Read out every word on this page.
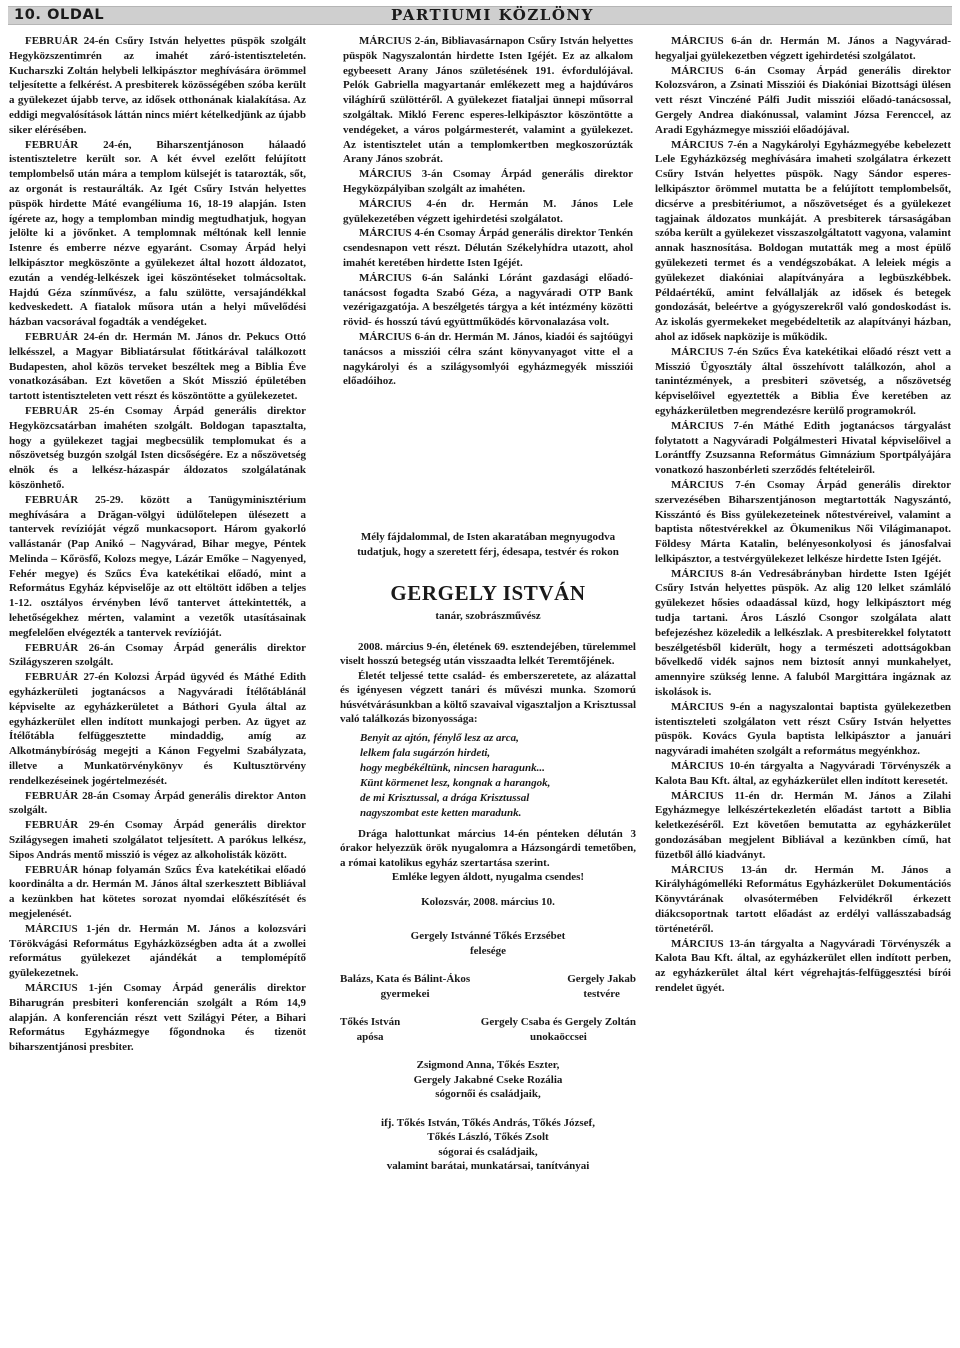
10. OLDAL	PARTIUMI KÖZLÖNY

FEBRUÁR 24-én Csűry István helyettes püspök szolgált Hegyközszentimrén az imahét záró-istentiszteletén. Kucharszki Zoltán helybeli lelkipásztor meghívására örömmel teljesítette a felkérést. A presbiterek közösségében szóba került a gyülekezet újabb terve, az idősek otthonának kialakítása. Az eddigi megvalósítások láttán nincs miért kételkedjünk az újabb siker elérésében.

FEBRUÁR 24-én, Biharszentjánoson hálaadó istentiszteletre került sor. A két évvel ezelőtt felújított templombelső után mára a templom külsejét is tatarozták, sőt, az orgonát is restaurálták. Az Igét Csűry István helyettes püspök hirdette Máté evangéliuma 16, 18-19 alapján. Isten ígérete az, hogy a templomban mindig megtudhatjuk, hogyan jelölte ki a jövőnket. A templomnak méltónak kell lennie Istenre és emberre nézve egyaránt. Csomay Árpád helyi lelkipásztor megköszönte a gyülekezet által hozott áldozatot, ezután a vendég-lelkészek igei köszöntéseket tolmácsoltak. Hajdú Géza színművész, a falu szülötte, versajándékkal kedveskedett. A fiatalok műsora után a helyi művelődési házban vacsorával fogadták a vendégeket.

FEBRUÁR 24-én dr. Hermán M. János dr. Pekucs Ottó lelkésszel, a Magyar Bibliatársulat főtitkárával találkozott Budapesten, ahol közös terveket beszéltek meg a Biblia Éve vonatkozásában. Ezt követően a Skót Misszió épületében tartott istentiszteleten vett részt és köszöntötte a gyülekezetet.

FEBRUÁR 25-én Csomay Árpád generális direktor Hegyközcsatárban imahéten szolgált. Boldogan tapasztalta, hogy a gyülekezet tagjai megbecsülik templomukat és a nőszövetség buzgón szolgál Isten dicsőségére. Ez a nőszövetség elnök és a lelkész-házaspár áldozatos szolgálatának köszönhető.

FEBRUÁR 25-29. között a Tanügyminisztérium meghívására a Drăgan-völgyi üdülőtelepen ülésezett a tantervek revízióját végző munkacsoport. Három gyakorló vallástanár (Pap Anikó – Nagyvárad, Bihar megye, Péntek Melinda – Kőrösfő, Kolozs megye, Lázár Emőke – Nagyenyed, Fehér megye) és Szűcs Éva katekétikai előadó, mint a Református Egyház képviselője az ott eltöltött időben a teljes 1-12. osztályos érvényben lévő tantervet áttekintették, a lehetőségekhez mérten, valamint a vezetők utasításainak megfelelően elvégezték a tantervek revízióját.

FEBRUÁR 26-án Csomay Árpád generális direktor Szilágyszeren szolgált.

FEBRUÁR 27-én Kolozsi Árpád ügyvéd és Máthé Edith egyházkerületi jogtanácsos a Nagyváradi Ítélőtáblánál képviselte az egyházkerületet a Báthori Gyula által az egyházkerület ellen indított munkajogi perben. Az ügyet az Ítélőtábla felfüggesztette mindaddig, amíg az Alkotmánybíróság megejti a Kánon Fegyelmi Szabályzata, illetve a Munkatörvénykönyv és Kultusztörvény rendelkezéseinek jogértelmezését.

FEBRUÁR 28-án Csomay Árpád generális direktor Anton szolgált.

FEBRUÁR 29-én Csomay Árpád generális direktor Szilágysegen imaheti szolgálatot teljesített. A parókus lelkész, Sipos András mentő misszió is végez az alkoholisták között.

FEBRUÁR hónap folyamán Szűcs Éva katekétikai előadó koordinálta a dr. Hermán M. János által szerkesztett Bibliával a kezünkben hat kötetes sorozat nyomdai előkészítését és megjelenését.

MÁRCIUS 1-jén dr. Hermán M. János a kolozsvári Törökvágási Református Egyházközségben adta át a zwollei református gyülekezet ajándékát a templomépítő gyülekezetnek.

MÁRCIUS 1-jén Csomay Árpád generális direktor Biharugrán presbiteri konferencián szolgált a Róm 14,9 alapján. A konferencián részt vett Szilágyi Péter, a Bihari Református Egyházmegye főgondnoka és tizenöt biharszentjánosi presbiter.

MÁRCIUS 2-án, Bibliavasárnapon Csűry István helyettes püspök Nagyszalontán hirdette Isten Igéjét. Ez az alkalom egybeesett Arany János születésének 191. évfordulójával. Pelók Gabriella magyartanár emlékezett meg a hajdúváros világhírű szülöttéről. A gyülekezet fiataljai ünnepi műsorral szolgáltak. Mikló Ferenc esperes-lelkipásztor köszöntötte a vendégeket, a város polgármesterét, valamint a gyülekezet. Az istentisztelet után a templomkertben megkoszorúzták Arany János szobrát.

MÁRCIUS 3-án Csomay Árpád generális direktor Hegyközpályiban szolgált az imahéten.

MÁRCIUS 4-én dr. Hermán M. János Lele gyülekezetében végzett igehirdetési szolgálatot.

MÁRCIUS 4-én Csomay Árpád generális direktor Tenkén csendesnapon vett részt. Délután Székelyhídra utazott, ahol imahét keretében hirdette Isten Igéjét.

MÁRCIUS 6-án Salánki Lóránt gazdasági előadó-tanácsost fogadta Szabó Géza, a nagyváradi OTP Bank vezérigazgatója. A beszélgetés tárgya a két intézmény közötti rövid- és hosszú távú együttműködés körvonalazása volt.

MÁRCIUS 6-án dr. Hermán M. János, kiadói és sajtóügyi tanácsos a missziói célra szánt könyvanyagot vitte el a nagykárolyi és a szilágysomlyói egyházmegyék missziói előadóihoz.

Mély fájdalommal, de Isten akaratában megnyugodva tudatjuk, hogy a szeretett férj, édesapa, testvér és rokon

GERGELY ISTVÁN

tanár, szobrászművész

2008. március 9-én, életének 69. esztendejében, türelemmel viselt hosszú betegség után visszaadta lelkét Teremtőjének.

Életét teljessé tette család- és emberszeretete, az alázattal és igényesen végzett tanári és művészi munka. Szomorú húsvétvárásunkban a költő szavaival vigasztaljon a Krisztussal való találkozás bizonyossága:

Benyit az ajtón, fénylő lesz az arca,
lelkem fala sugárzón hirdeti,
hogy megbékéltünk, nincsen haragunk...
Künt körmenet lesz, kongnak a harangok,
de mi Krisztussal, a drága Krisztussal
nagyszombat este ketten maradunk.

Drága halottunkat március 14-én pénteken délután 3 órakor helyezzük örök nyugalomra a Házsongárdi temetőben, a római katolikus egyház szertartása szerint.

Emléke legyen áldott, nyugalma csendes!

Kolozsvár, 2008. március 10.

Gergely Istvánné Tőkés Erzsébet
felesége
Balázs, Kata és Bálint-Ákos
gyermekei
Gergely Jakab
testvére
Tőkés István
apósa
Gergely Csaba és Gergely Zoltán
unokaöccsei
Zsigmond Anna, Tőkés Eszter,
Gergely Jakabné Cseke Rozália
sógornői és családjaik,
ifj. Tőkés István, Tőkés András, Tőkés József,
Tőkés László, Tőkés Zsolt
sógorai és családjaik,
valamint barátai, munkatársai, tanítványai

MÁRCIUS 6-án dr. Hermán M. János a Nagyvárad-hegyaljai gyülekezetben végzett igehirdetési szolgálatot.

MÁRCIUS 6-án Csomay Árpád generális direktor Kolozsváron, a Zsinati Missziói és Diakóniai Bizottsági ülésen vett részt Vinczéné Pálfi Judit missziói előadó-tanácsossal, Gergely Andrea diakónussal, valamint Józsa Ferenccel, az Aradi Egyházmegye missziói előadójával.

MÁRCIUS 7-én a Nagykárolyi Egyházmegyébe kebelezett Lele Egyházközség meghívására imaheti szolgálatra érkezett Csűry István helyettes püspök. Nagy Sándor esperes-lelkipásztor örömmel mutatta be a felújított templombelsőt, dicsérve a presbitériumot, a nőszövetséget és a gyülekezet tagjainak áldozatos munkáját. A presbiterek társaságában szóba került a gyülekezet visszaszolgáltatott vagyona, valamint annak hasznosítása. Boldogan mutatták meg a most épülő gyülekezeti termet és a vendégszobákat. A leleiek mégis a gyülekezet diakóniai alapítványára a legbüszkébbek. Példaértékű, amint felvállalják az idősek és betegek gondozását, beleértve a gyógyszerekről való gondoskodást is. Az iskolás gyermekeket megebédeltetik az alapítványi házban, ahol az idősek napközije is működik.

MÁRCIUS 7-én Szűcs Éva katekétikai előadó részt vett a Misszió Ügyosztály által összehívott találkozón, ahol a tanintézmények, a presbiteri szövetség, a nőszövetség képviselőivel egyeztették a Biblia Éve keretében az egyházkerületben megrendezésre kerülő programokról.

MÁRCIUS 7-én Máthé Edith jogtanácsos tárgyalást folytatott a Nagyváradi Polgálmesteri Hivatal képviselőivel a Lorántffy Zsuzsanna Református Gimnázium Sportpályájára vonatkozó haszonbérleti szerződés feltételeiről.

MÁRCIUS 7-én Csomay Árpád generális direktor szervezésében Biharszentjánoson megtartották Nagyszántó, Kisszántó és Biss gyülekezeteinek nőtestvéreivel, valamint a baptista nőtestvérekkel az Ökumenikus Női Világimanapot. Földesy Márta Katalin, belényesonkolyosi és jánosfalvai lelkipásztor, a testvérgyülekezet lelkésze hirdette Isten Igéjét.

MÁRCIUS 8-án Vedresábrányban hirdette Isten Igéjét Csűry István helyettes püspök. Az alig 120 lelket számláló gyülekezet hősies odaadással küzd, hogy lelkipásztort még tudja tartani. Áros László Csongor szolgálata alatt befejezéshez közeledik a lelkészlak. A presbiterekkel folytatott beszélgetésből kiderült, hogy a természeti adottságokban bővelkedő vidék sajnos nem biztosít annyi munkahelyet, amennyire szükség lenne. A faluból Margittára ingáznak az iskolások is.

MÁRCIUS 9-én a nagyszalontai baptista gyülekezetben istentiszteleti szolgálaton vett részt Csűry István helyettes püspök. Kovács Gyula baptista lelkipásztor a januári nagyváradi imahéten szolgált a református megyénkhoz.

MÁRCIUS 10-én tárgyalta a Nagyváradi Törvényszék a Kalota Bau Kft. által, az egyházkerület ellen indított keresetét.

MÁRCIUS 11-én dr. Hermán M. János a Zilahi Egyházmegye lelkészértekezletén előadást tartott a Biblia keletkezéséről. Ezt követően bemutatta az egyházkerület gondozásában megjelent Bibliával a kezünkben című, hat füzetből álló kiadványt.

MÁRCIUS 13-án dr. Hermán M. János a Királyhágómelléki Református Egyházkerület Dokumentációs Könyvtárának olvasótermében Felvidékről érkezett diákcsoportnak tartott előadást az erdélyi vallásszabadság történetéről.

MÁRCIUS 13-án tárgyalta a Nagyváradi Törvényszék a Kalota Bau Kft. által, az egyházkerület ellen indított perben, az egyházkerület által kért végrehajtás-felfüggesztési bírói rendelet ügyét.
